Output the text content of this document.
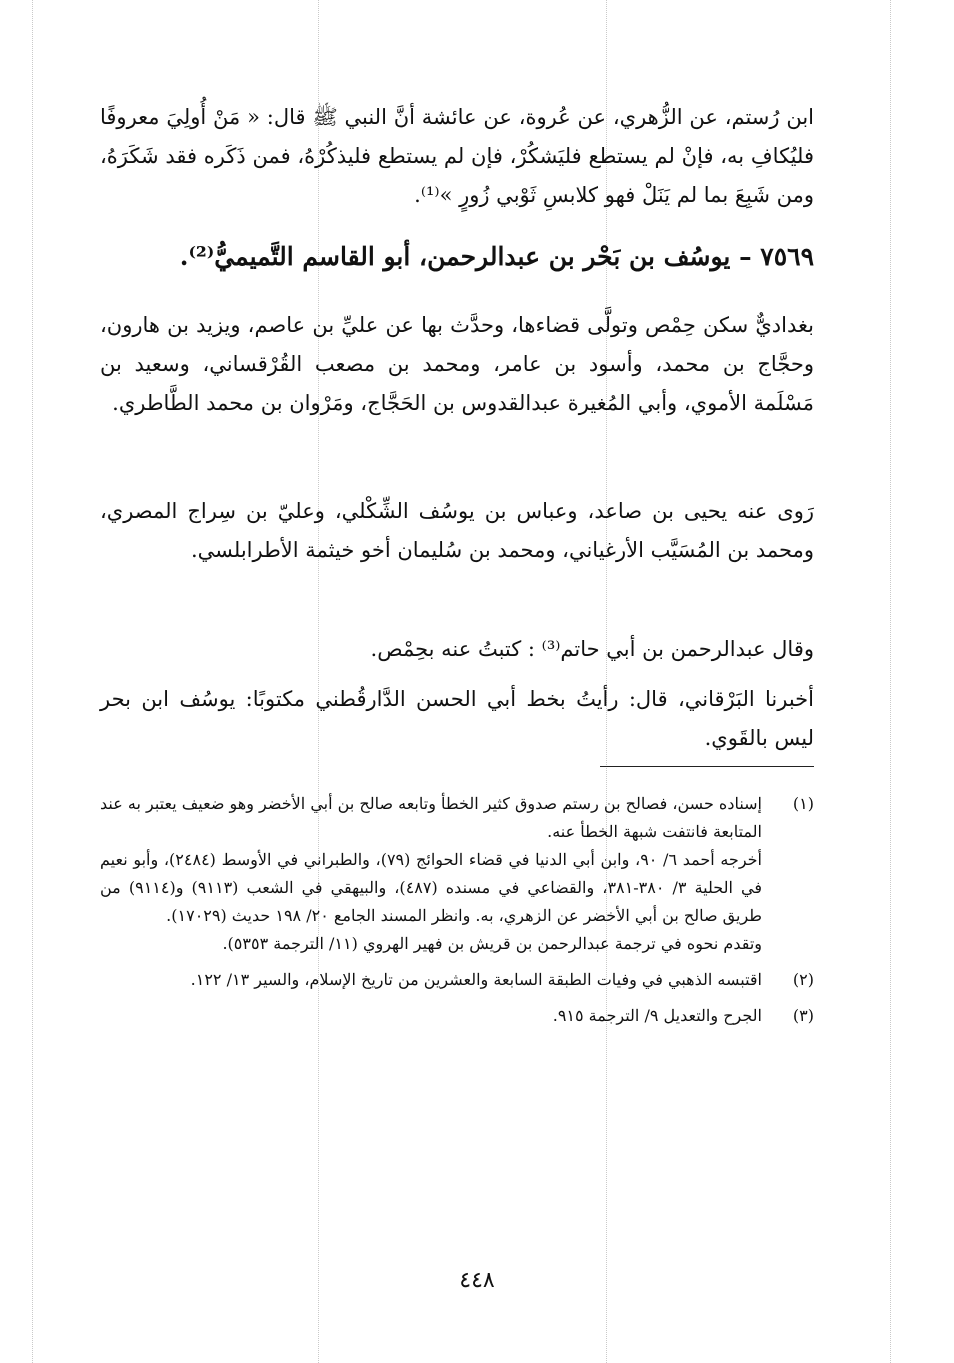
ابن رُستم، عن الزُّهري، عن عُروة، عن عائشة أنَّ النبي ﷺ قال: « مَنْ أُولِيَ معروفًا فليُكافِ به، فإنْ لم يستطع فليَشكُرْ، فإن لم يستطع فليذكُرْهُ، فمن ذَكَره فقد شَكَرَهُ، ومن شَبِعَ بما لم يَنَلْ فهو كلابسِ ثَوْبي زُورٍ »⁽¹⁾.

٧٥٦٩ – يوسُف بن بَحْر بن عبدالرحمن، أبو القاسم التَّميميُّ⁽²⁾.

بغداديٌّ سكن حِمْص وتولَّى قضاءها، وحدَّث بها عن عليِّ بن عاصم، ويزيد بن هارون، وحجَّاج بن محمد، وأسود بن عامر، ومحمد بن مصعب القُرْقساني، وسعيد بن مَسْلَمة الأموي، وأبي المُغيرة عبدالقدوس بن الحَجَّاج، ومَرْوان بن محمد الطَّاطري.

رَوى عنه يحيى بن صاعد، وعباس بن يوسُف الشِّكْلي، وعليّ بن سِراج المصري، ومحمد بن المُسَيَّب الأرغياني، ومحمد بن سُليمان أخو خيثمة الأطرابلسي.

وقال عبدالرحمن بن أبي حاتم⁽³⁾ : كتبتُ عنه بحِمْص.

أخبرنا البَرْقاني، قال: رأيتُ بخط أبي الحسن الدَّارقُطني مكتوبًا: يوسُف ابن بحر ليس بالقَوي.

(١)
إسناده حسن، فصالح بن رستم صدوق كثير الخطأ وتابعه صالح بن أبي الأخضر وهو ضعيف يعتبر به عند المتابعة فانتفت شبهة الخطأ عنه.
أخرجه أحمد ٦/ ٩٠، وابن أبي الدنيا في قضاء الحوائج (٧٩)، والطبراني في الأوسط (٢٤٨٤)، وأبو نعيم في الحلية ٣/ ٣٨٠-٣٨١، والقضاعي في مسنده (٤٨٧)، والبيهقي في الشعب (٩١١٣) و(٩١١٤) من طريق صالح بن أبي الأخضر عن الزهري، به. وانظر المسند الجامع ٢٠/ ١٩٨ حديث (١٧٠٢٩).
وتقدم نحوه في ترجمة عبدالرحمن بن قريش بن فهير الهروي (١١/ الترجمة ٥٣٥٣).
(٢)
اقتبسه الذهبي في وفيات الطبقة السابعة والعشرين من تاريخ الإسلام، والسير ١٣/ ١٢٢.
(٣)
الجرح والتعديل ٩/ الترجمة ٩١٥.
٤٤٨
